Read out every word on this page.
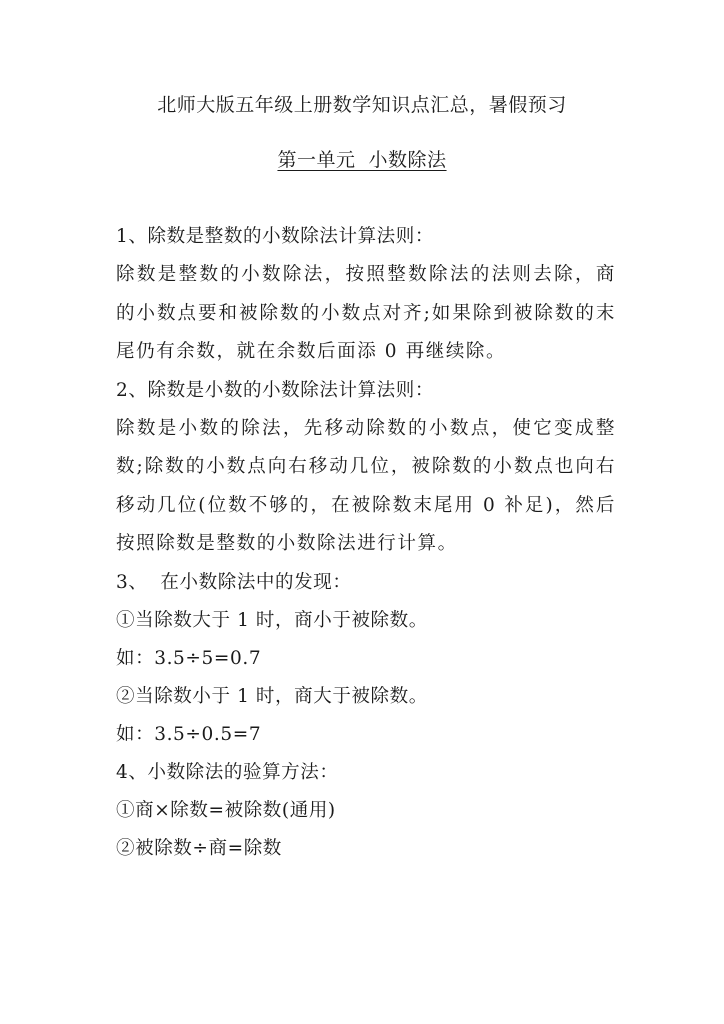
北师大版五年级上册数学知识点汇总，暑假预习
第一单元  小数除法
1、除数是整数的小数除法计算法则：
除数是整数的小数除法，按照整数除法的法则去除，商的小数点要和被除数的小数点对齐;如果除到被除数的末尾仍有余数，就在余数后面添 0 再继续除。
2、除数是小数的小数除法计算法则：
除数是小数的除法，先移动除数的小数点，使它变成整数;除数的小数点向右移动几位，被除数的小数点也向右移动几位(位数不够的，在被除数末尾用 0 补足)，然后按照除数是整数的小数除法进行计算。
3、  在小数除法中的发现：
①当除数大于 1 时，商小于被除数。
如：3.5÷5=0.7
②当除数小于 1 时，商大于被除数。
如：3.5÷0.5=7
4、小数除法的验算方法：
①商×除数=被除数(通用)
②被除数÷商=除数
